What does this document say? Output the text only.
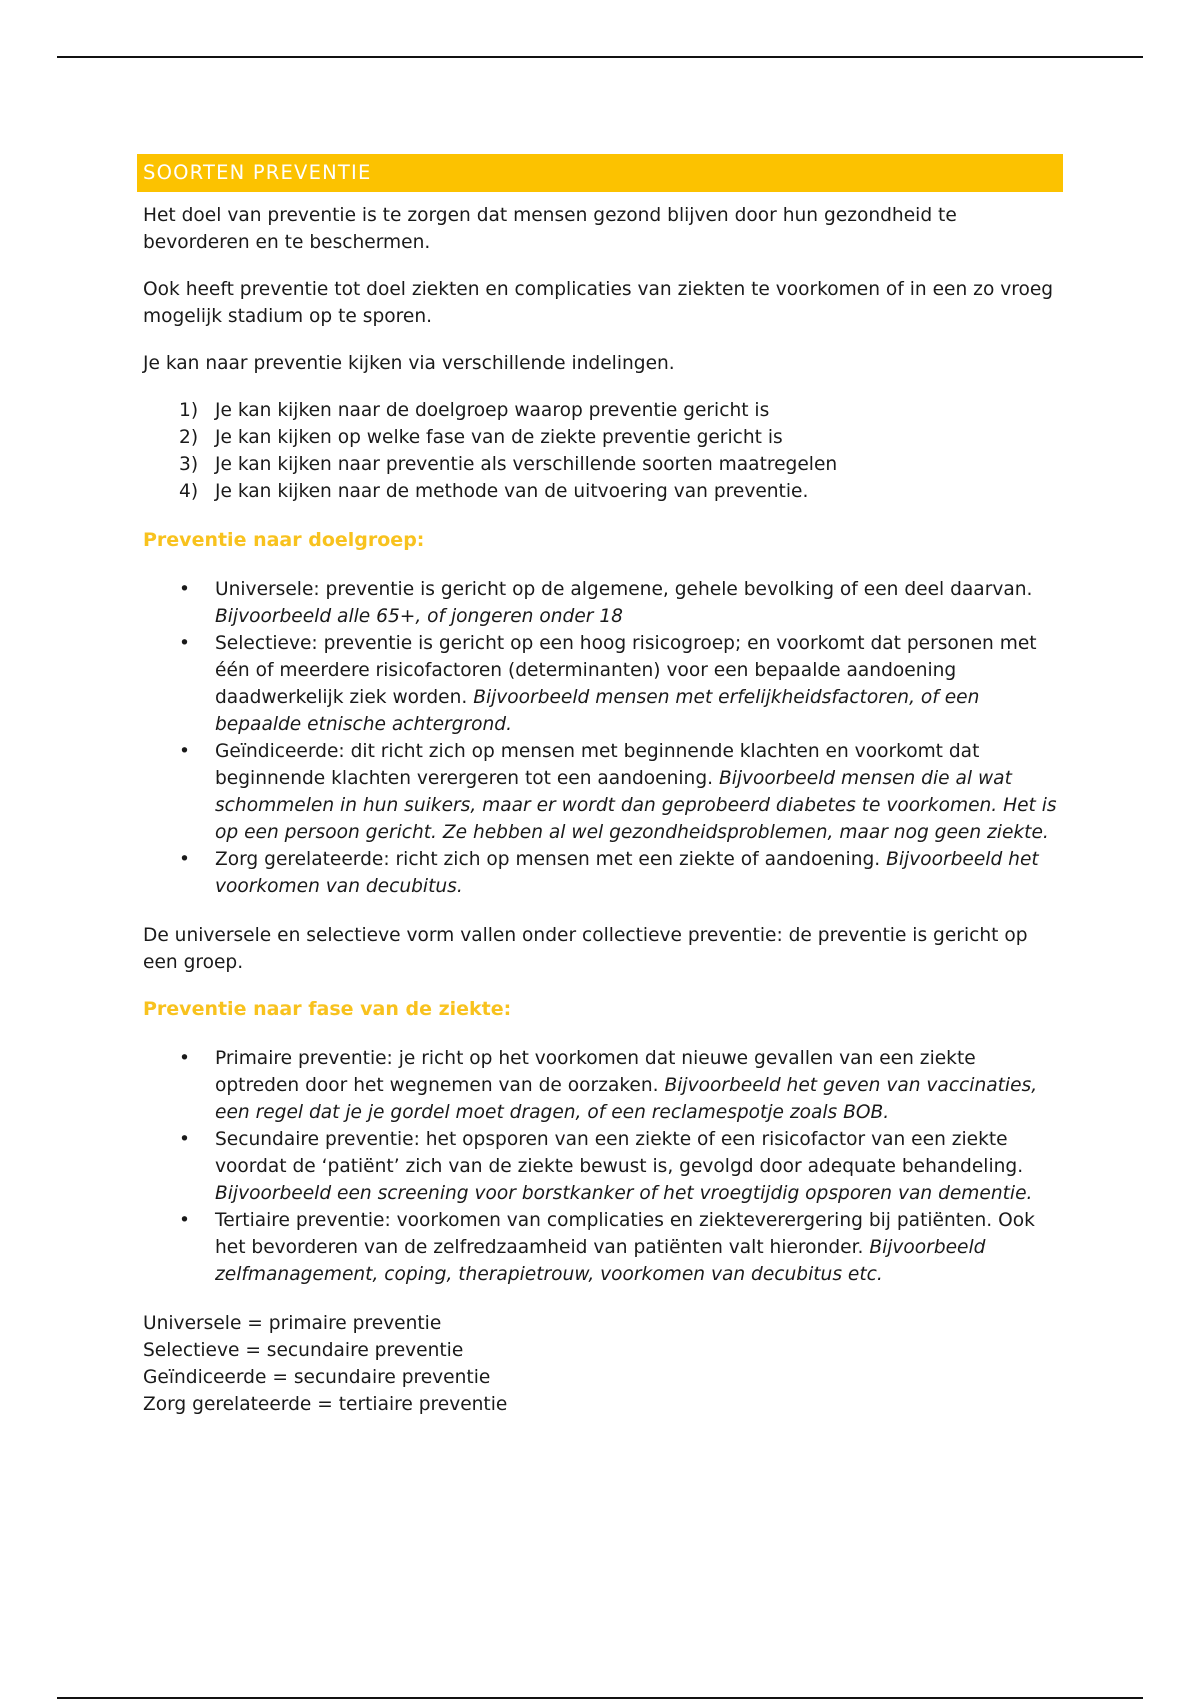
SOORTEN PREVENTIE

Het doel van preventie is te zorgen dat mensen gezond blijven door hun gezondheid te bevorderen en te beschermen.

Ook heeft preventie tot doel ziekten en complicaties van ziekten te voorkomen of in een zo vroeg mogelijk stadium op te sporen.

Je kan naar preventie kijken via verschillende indelingen.

1) Je kan kijken naar de doelgroep waarop preventie gericht is
2) Je kan kijken op welke fase van de ziekte preventie gericht is
3) Je kan kijken naar preventie als verschillende soorten maatregelen
4) Je kan kijken naar de methode van de uitvoering van preventie.
Preventie naar doelgroep:
• Universele: preventie is gericht op de algemene, gehele bevolking of een deel daarvan. Bijvoorbeeld alle 65+, of jongeren onder 18
• Selectieve: preventie is gericht op een hoog risicogroep; en voorkomt dat personen met één of meerdere risicofactoren (determinanten) voor een bepaalde aandoening daadwerkelijk ziek worden. Bijvoorbeeld mensen met erfelijkheidsfactoren, of een bepaalde etnische achtergrond.
• Geïndiceerde: dit richt zich op mensen met beginnende klachten en voorkomt dat beginnende klachten verergeren tot een aandoening. Bijvoorbeeld mensen die al wat schommelen in hun suikers, maar er wordt dan geprobeerd diabetes te voorkomen. Het is op een persoon gericht. Ze hebben al wel gezondheidsproblemen, maar nog geen ziekte.
• Zorg gerelateerde: richt zich op mensen met een ziekte of aandoening. Bijvoorbeeld het voorkomen van decubitus.

De universele en selectieve vorm vallen onder collectieve preventie: de preventie is gericht op een groep.

Preventie naar fase van de ziekte:
• Primaire preventie: je richt op het voorkomen dat nieuwe gevallen van een ziekte optreden door het wegnemen van de oorzaken. Bijvoorbeeld het geven van vaccinaties, een regel dat je je gordel moet dragen, of een reclamespotje zoals BOB.
• Secundaire preventie: het opsporen van een ziekte of een risicofactor van een ziekte voordat de ‘patiënt’ zich van de ziekte bewust is, gevolgd door adequate behandeling. Bijvoorbeeld een screening voor borstkanker of het vroegtijdig opsporen van dementie.
• Tertiaire preventie: voorkomen van complicaties en ziekteverergering bij patiënten. Ook het bevorderen van de zelfredzaamheid van patiënten valt hieronder. Bijvoorbeeld zelfmanagement, coping, therapietrouw, voorkomen van decubitus etc.
Universele = primaire preventie
Selectieve = secundaire preventie
Geïndiceerde = secundaire preventie
Zorg gerelateerde = tertiaire preventie
